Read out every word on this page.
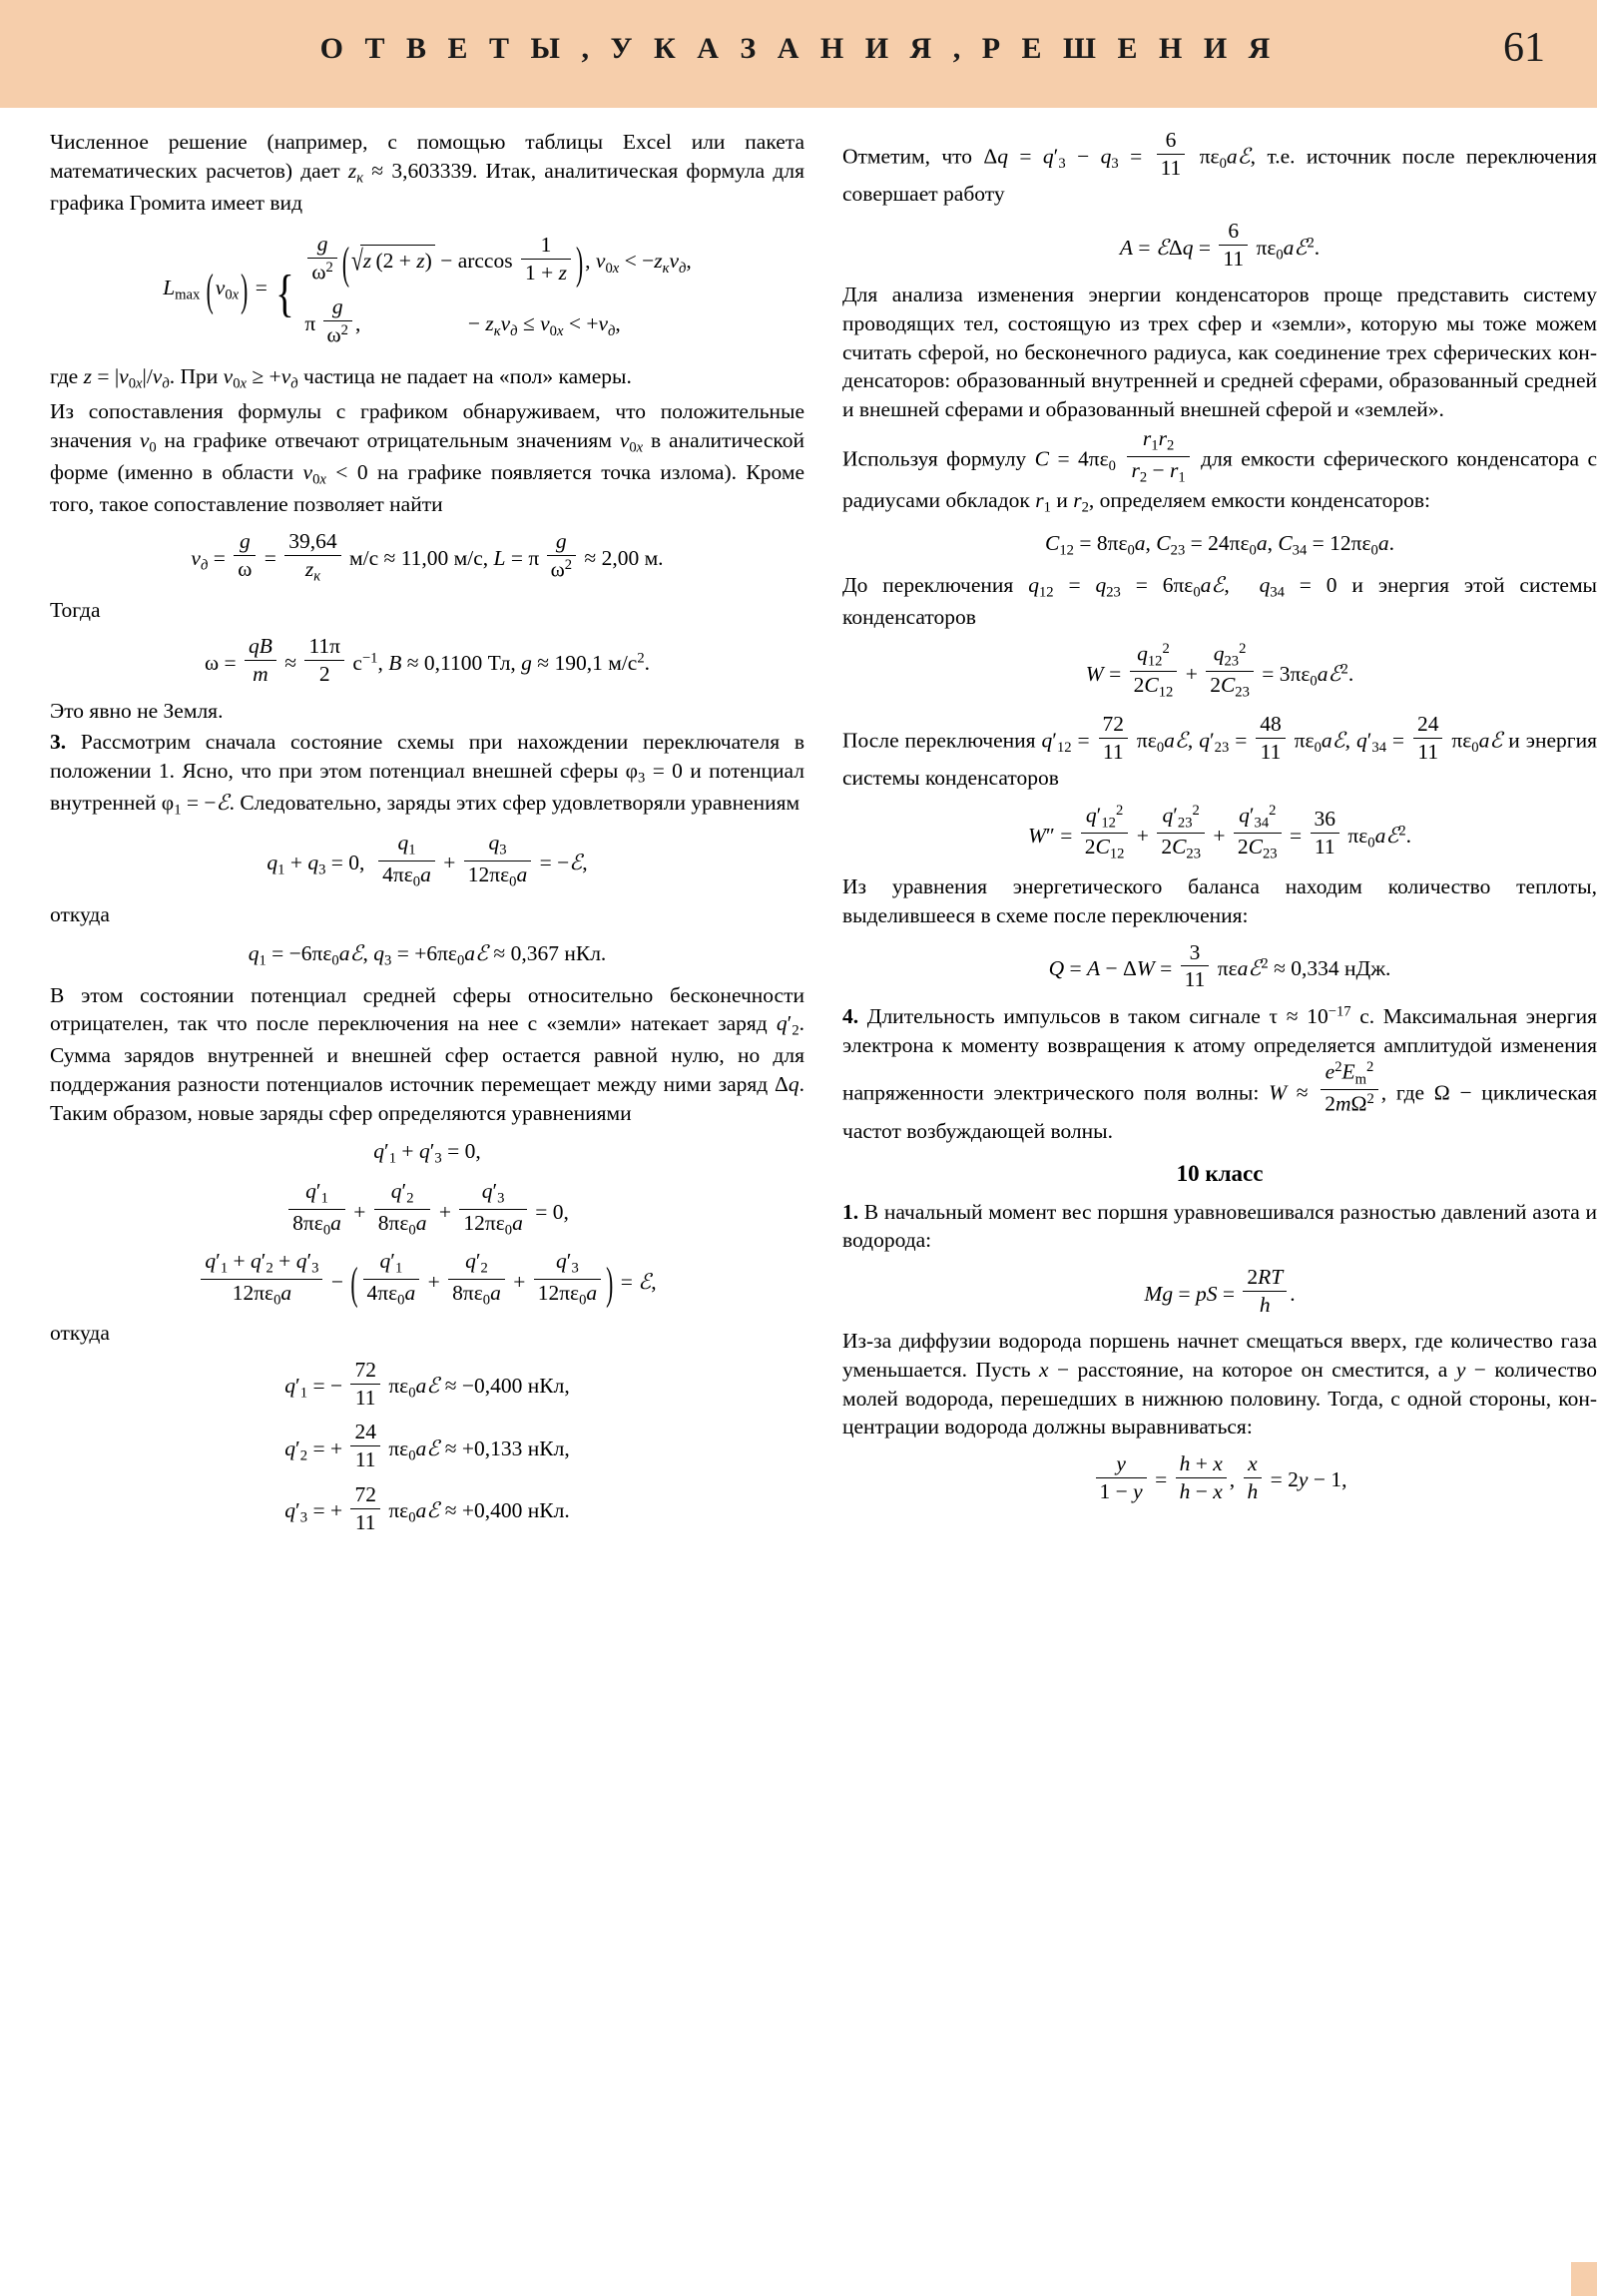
О Т В Е Т Ы , У К А З А Н И Я , Р Е Ш Е Н И Я	61

Численное решение (например, с помощью таблицы Excel или пакета математических расчетов) дает $z_к \approx 3,603339$. Итак, аналитическая формула для графика Громита имеет вид

$L_{max}$  $(v_{0x})$ = {
$\frac{g}{\omega^2} (√z$ $(2 + z) - \arccos \frac{1}{1 + z}$ ), $v_{0x} < -z_кv_д$,
π  $\frac{g}{\omega^2}$ ,     − $z_кv_д \le v_{0x} < +v_д$,

где $z = |v_{0x}|/v_д$. При $v_{0x} \ge +v_д$ частица не падает на «пол» камеры.

Из сопоставления формулы с графиком обнаруживаем, что положительные значения $v_0$ на графике отвечают отрицательным значениям $v_{0x}$ в аналитической форме (именно в области $v_{0x} < 0$ на графике появляется точка излома). Кроме того, такое сопоставление позволяет найти

$v_д = \frac{g}{\omega} = \frac{39,64}{z_к} м/с \approx 11,00$ м/с, L = π  $\frac{g}{\omega^2} \approx 2,00$ м.

Тогда

$\omega = \frac{qB}{m} \approx \frac{11\pi}{2} с^{-1}$, B ≈ 0,1100 Тл, g ≈ 190,1 $м/с^2$.

Это явно не Земля.

3. Рассмотрим сначала состояние схемы при нахождении переключателя в положении 1. Ясно, что при этом потенциал внешней сферы $\varphi_3 = 0$ и потенциал внутренней $\varphi_1$ = −ℰ. Следовательно, заряды этих сфер удовлетворяли уравнениям

$q_1 + q_3 = 0$, $\frac{q_1}{4\pi\varepsilon_0a} + \frac{q_3}{12\pi\varepsilon_0a}$ = −ℰ,

откуда

$q_1$ = $-6\pi\varepsilon_0aℰ$, $q_3$ = $+6\pi\varepsilon_0aℰ \approx 0,367$ нКл.

В этом состоянии потенциал средней сферы относительно бесконечности отрицателен, так что после переключения на нее с «земли» натекает заряд $q'_2$. Сумма зарядов внутренней и внешней сфер остается равной нулю, но для поддержания разности потенциалов источник перемещает между ними заряд Δq. Таким образом, новые заряды сфер определяются уравнениями

$q'_1 + q'_3 = 0$,
$\frac{q'_1}{8\pi\varepsilon_0a} + \frac{q'_2}{8\pi\varepsilon_0a} + \frac{q'_3}{12\pi\varepsilon_0a} = 0$,
$\frac{q'_1 + q'_2 + q'_3}{12\pi\varepsilon_0a}$ − ( $\frac{q'_1}{4\pi\varepsilon_0a} + \frac{q'_2}{8\pi\varepsilon_0a} + \frac{q'_3}{12\pi\varepsilon_0a}$ ) = ℰ,

откуда

$q'_1$ = − $\frac{72}{11}$ $\pi\varepsilon_0aℰ \approx -0,400$ нКл,
$q'_2$ = + $\frac{24}{11}$ $\pi\varepsilon_0aℰ \approx +0,133$ нКл,
$q'_3$ = + $\frac{72}{11}$ $\pi\varepsilon_0aℰ \approx +0,400$ нКл.

Отметим, что $\Delta q = q'_3 - q_3 = \frac{6}{11}$ $\pi\varepsilon_0aℰ$, т.е. источник после переключения совершает работу

A = ℰΔq = $\frac{6}{11}$ $\pi\varepsilon_0aℰ^2$.

Для анализа изменения энергии конденсаторов проще представить систему проводящих тел, состоящую из трех сфер и «земли», которую мы тоже можем считать сферой, но бесконечного радиуса, как соединение трех сферических конденсаторов: образованный внутренней и средней сферами, образованный средней и внешней сферами и образованный внешней сферой и «землей».

Используя формулу $C = 4\pi\varepsilon_0 \frac{r_1r_2}{r_2 - r_1}$ для емкости сферического конденсатора с радиусами обкладок $r_1$ и $r_2$, определяем емкости конденсаторов:

$C_{12} = 8\pi\varepsilon_0a$, $C_{23} = 24\pi\varepsilon_0a$, $C_{34} = 12\pi\varepsilon_0a$.

До переключения $q_{12} = q_{23}$ = $6\pi\varepsilon_0aℰ$,  $q_{34} = 0$ и энергия этой системы конденсаторов

$W = \frac{q_{12}^2}{2C_{12}} + \frac{q_{23}^2}{2C_{23}}$ = $3\pi\varepsilon_0aℰ^2$.

После переключения $q'_{12} = \frac{72}{11}$ $\pi\varepsilon_0aℰ$, $q'_{23} = \frac{48}{11}$ $\pi\varepsilon_0aℰ$, $q'_{34} = \frac{24}{11}$ $\pi\varepsilon_0aℰ$ и энергия системы конденсаторов

$W'' = \frac{q'_{12}^2}{2C_{12}} + \frac{q'_{23}^2}{2C_{23}} + \frac{q'_{34}^2}{2C_{23}} = \frac{36}{11}$ $\pi\varepsilon_0aℰ^2$.

Из уравнения энергетического баланса находим количество теплоты, выделившееся в схеме после переключения:

$Q = A - \Delta W = \frac{3}{11}$ πεaℰ$^2$ ≈ 0,334 нДж.

4. Длительность импульсов в таком сигнале $\tau \approx 10^{-17}$ с. Максимальная энергия электрона к моменту возвращения к атому определяется амплитудой изменения напряженности электрического поля волны: $W \approx \frac{e^2E_m^2}{2m\Omega^2}$ , где Ω − циклическая частот возбуждающей волны.

10 класс

1. В начальный момент вес поршня уравновешивался разностью давлений азота и водорода:

Mg = pS = $\frac{2RT}{h}$ .

Из-за диффузии водорода поршень начнет смещаться вверх, где количество газа уменьшается. Пусть x − расстояние, на которое он сместится, а y − количество молей водорода, перешедших в нижнюю половину. Тогда, с одной стороны, концентрации водорода должны выравниваться:

$\frac{y}{1 - y} = \frac{h + x}{h - x}$ , $\frac{x}{h} = 2y - 1$,
